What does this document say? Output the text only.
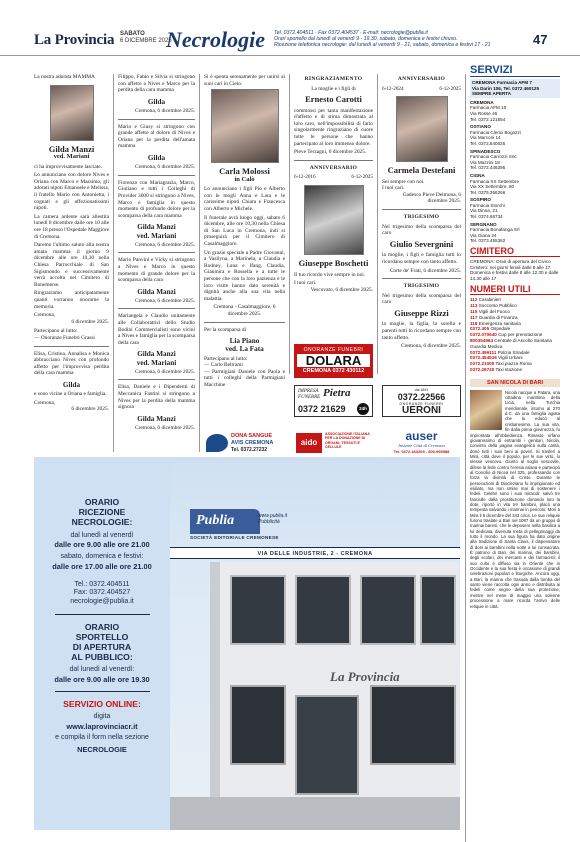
La Provincia SABATO
6 DICEMBRE 2025
Necrologie Tel. 0372.404511 · Fax 0372.404537 · E-mail: necrologie@publia.it
Orari sportello dal lunedì al venerdì 9 - 19.30, sabato, domenica e festivi chiuso.
Ricezione telefonica necrologie: dal lunedì al venerdì 9 - 21, sabato, domenica e festivi 17 - 21	47

La nostra adorata MAMMA

Gilda Manzi
ved. Mariani

ci ha improvvisamente lasciate.

Lo annunciano con dolore Nives e Oriana con Marco e Massimo, gli adorati nipoti Emanuele e Melissa, il fratello Mario con Antonietta, i cognati e gli affezionatissimi nipoti.

La camera ardente sarà allestita lunedì 8 dicembre dalle ore 10 alle ore 18 presso l'Ospedale Maggiore di Cremona.

Daremo l'ultimo saluto alla nostra amata mamma il giorno 9 dicembre alle ore 10,30 nella Chiesa Parrocchiale di San Sigismondo e successivamente verrà accolta nel Cimitero di Bonemerse.

Ringraziamo anticipatamente quanti vorranno onorarne la memoria.

Cremona,
6 dicembre 2025.
Partecipano al lutto:
— Onoranze Funebri Grassi

Elisa, Cristina, Annalisa e Monica abbracciano Nives con profondo affetto per l'improvvisa perdita della cara mamma

Gilda

e sono vicine a Oriana e famiglia.

Cremona,
6 dicembre 2025.

Filippo, Fabio e Silvia si stringono con affetto a Nives e Marco per la perdita della cara mamma

Gilda
Cremona, 6 dicembre 2025.

Mario e Giusy si stringono con grande affetto al dolore di Nives e Oriana per la perdita dell'amata mamma

Gilda
Cremona, 6 dicembre 2025.

Fiorenzo con Mariagrazia, Marco, Giuliano e tutti i Colleghi di Provider 3000 si stringono a Nives, Marco e famiglia in questo momento di profondo dolore per la scomparsa della cara mamma

Gilda Manzi
ved. Mariani
Cremona, 6 dicembre 2025.

Mario Panvini e Vicky si stringono a Nives e Marco in questo momento di grande dolore per la scomparsa della cara

Gilda Manzi
Cremona, 6 dicembre 2025.

Mariangela e Claudio unitamente alle Collaboratrici dello Studio Bodini Commercialisti sono vicini a Nives e famiglia per la scomparsa della cara

Gilda Manzi
ved. Mariani
Cremona, 6 dicembre 2025.

Elisa, Daniele e i Dipendenti di Meccanica Fantini si stringono a Nives per la perdita della mamma signora

Gilda Manzi
Cremona, 6 dicembre 2025.

Si è spenta serenamente per unirsi ai suoi cari in Cielo.

Carla Molossi
in Calò

Lo annunciano i figli Pio e Alberto con le mogli Anna e Lara e le carissime nipoti Chiara e Francesca con Alberto e Michele.

Il funerale avrà luogo oggi, sabato 6 dicembre, alle ore 10,30 nella Chiesa di San Luca in Cremona, indi si proseguirà per il Cimitero di Casalmaggiore.

Un grazie speciale a Padre Giovanni, a Vasilyna, a Marinela, a Claudia e Rodney, Luna e Ifang, Claudia, Gianmira e Rossella e a tutte le persone che con la loro pazienza e le loro visite hanno dato serenità e dignità anche alla sua vita nella malattia.

Cremona - Casalmaggiore, 6 dicembre 2025.

Per la scomparsa di

Lia Piano
ved. La Fata
Partecipano al lutto:
— Carlo Beltrami
— Parmigiani Daniele con Paola e tutti i colleghi della Parmigiani Macchine
RINGRAZIAMENTO
La moglie e i figli di
Ernesto Carotti

commossi per tanta manifestazione d'affetto e di stima dimostrata al loro caro, nell'impossibilità di farlo singolarmente ringraziano di cuore tutte le persone che hanno partecipato al loro immenso dolore.

Pieve Terzagni, 6 dicembre 2025.
ANNIVERSARIO
6-12-2016	6-12-2025
Giuseppe Boschetti

Il tuo ricordo vive sempre in noi.

I tuoi cari.
Vescovato, 6 dicembre 2025.
ANNIVERSARIO
6-12-2024	6-12-2025
Carmela Destefani
Sei sempre con noi.
I tuoi cari.
Gadesco Pieve Delmona, 6 dicembre 2025.
TRIGESIMO

Nel trigesimo della scomparsa del caro

Giulio Severgnini

la moglie, i figli e famiglia tutti lo ricordano sempre con tanto affetto.

Corte de' Frati, 6 dicembre 2025.
TRIGESIMO

Nel trigesimo della scomparsa del caro

Giuseppe Rizzi

la moglie, la figlia, la sorella e parenti tutti lo ricordano sempre con tanto affetto.

Cremona, 6 dicembre 2025.
ONORANZE FUNEBRI
DOLARA
CREMONA 0372 430112
IMPRESA
FUNEBRE Pietra
0372 21629	24h
dal 1891
0372.22566
ONORANZE FUNEBRI
UERONI
DONA SANGUE
AVIS CREMONA
Tel. 0372.27232
aido
ASSOCIAZIONE ITALIANA PER LA DONAZIONE DI ORGANI, TESSUTI E CELLULE
auser
Insieme Città di Cremona
Tel. 0372.463265 - 800.995988
SERVIZI
CREMONA Farmacia AFM 7
Via Darin 106, Tel. 0372 460125
SEMPRE APERTA
CREMONA
Farmacia AFM 10
Via Rosse 46
Tel. 0372.121554
OSTIANO
Farmacia Clerici Bogozzi
Via Marconi 14
Tel. 0372.840025
SPINADESCO
Farmacia Carrozzi Snc
Via Mazzini 18
Tel. 0372.446395
CIGNA
Farmacia XX Settembre
Via XX Settembre, 60
Tel. 0375.356266
SOSPIRO
Farmacia Storchi
Via Dinna, 21
Tel. 0374.68734
SERGNANO
Farmacia Bonafanga Srl
Via Giana 24
Tel. 0373.455362
CIMITERO
CREMONA: Orari di apertura del Civico Cimitero: nei giorni feriali dalle 8 alle 17. Domenica e festivi dalle 8 alle 12.30 e dalle 14.30 alle 17
NUMERI UTILI
112 Carabinieri
113 Soccorso Pubblico
115 Vigili del Fuoco
117 Guardia di Finanza
118 Emergenza sanitaria
0372.405 Ospedale
0372.070640 Cup per prenotazione
800354964 Centrale di Ascolto Sanitaria Guardia Medica
0372.499111 Polizia Stradale
0372.454516 Vigili Urbani
0372.21000 Taxi piazza Roma
0372.26740 Taxi stazione
SAN NICOLA DI BARI
Nicola nacque a Patara, una cittadina marittima della Licia, nella Turchia meridionale, intorno al 270 d.C. da una famiglia agiata che lo educò al cristianesimo. La sua vita, fin dalla prima giovinezza, fu improntata all'obbedienza. Rimasto orfano giovanissimo di entrambi i genitori, Nicola, convinto della pagina evangelica sulla carità, donò tutti i suoi beni ai poveri. Si trasferì a Mira, città dove il popolo, per le sue virtù, lo elesse vescovo. Giunto al soglio vescovile, difese la fede contro l'eresia ariana e partecipò al Concilio di Nicea nel 325, professando con forza la divinità di Cristo. Durante le persecuzioni di Diocleziano fu imprigionato ed esiliato, ma non smise mai di sostenere i fedeli. Celebri sono i suoi miracoli: salvò tre fanciulle dalla prostituzione donando loro la dote, riportò in vita tre bambini, placò una tempesta salvando i marinai in pericolo. Morì a Mira il 6 dicembre del 343 circa. Le sue reliquie furono traslate a Bari nel 1087 da un gruppo di marinai baresi, che le deposero nella basilica a lui dedicata, divenuta meta di pellegrinaggi da tutto il mondo. La sua figura ha dato origine alla tradizione di Santa Claus, il dispensatore di doni ai bambini nella notte a lui consacrata. È patrono di Bari, dei marinai, dei bambini, degli scolari, dei mercanti e dei farmacisti; il suo culto è diffuso sia in Oriente che in Occidente e la sua festa è occasione di grandi celebrazioni popolari e liturgiche. Ancora oggi, a Bari, la manna che trasuda dalla tomba del santo viene raccolta ogni anno e distribuita ai fedeli come segno della sua protezione, mentre nel mese di maggio una solenne processione a mare ricorda l'arrivo delle reliquie in città.
ORARIO
RICEZIONE
NECROLOGIE:
dal lunedì al venerdì
dalle ore 9.00 alle ore 21.00
sabato, domenica e festivi:
dalle ore 17.00 alle ore 21.00
Tel.: 0372.404511
Fax: 0372.404527
necrologie@publia.it
ORARIO
SPORTELLO
DI APERTURA
AL PUBBLICO:
dal lunedì al venerdì:
dalle ore 9.00 alle ore 19.30
SERVIZIO ONLINE:
digita
www.laprovinciacr.it
e compila il form nella sezione
NECROLOGIE
Publia	www.publia.it
Pubblicità
SOCIETÀ EDITORIALE CREMONESE
VIA DELLE INDUSTRIE, 2 - CREMONA
La Provincia
